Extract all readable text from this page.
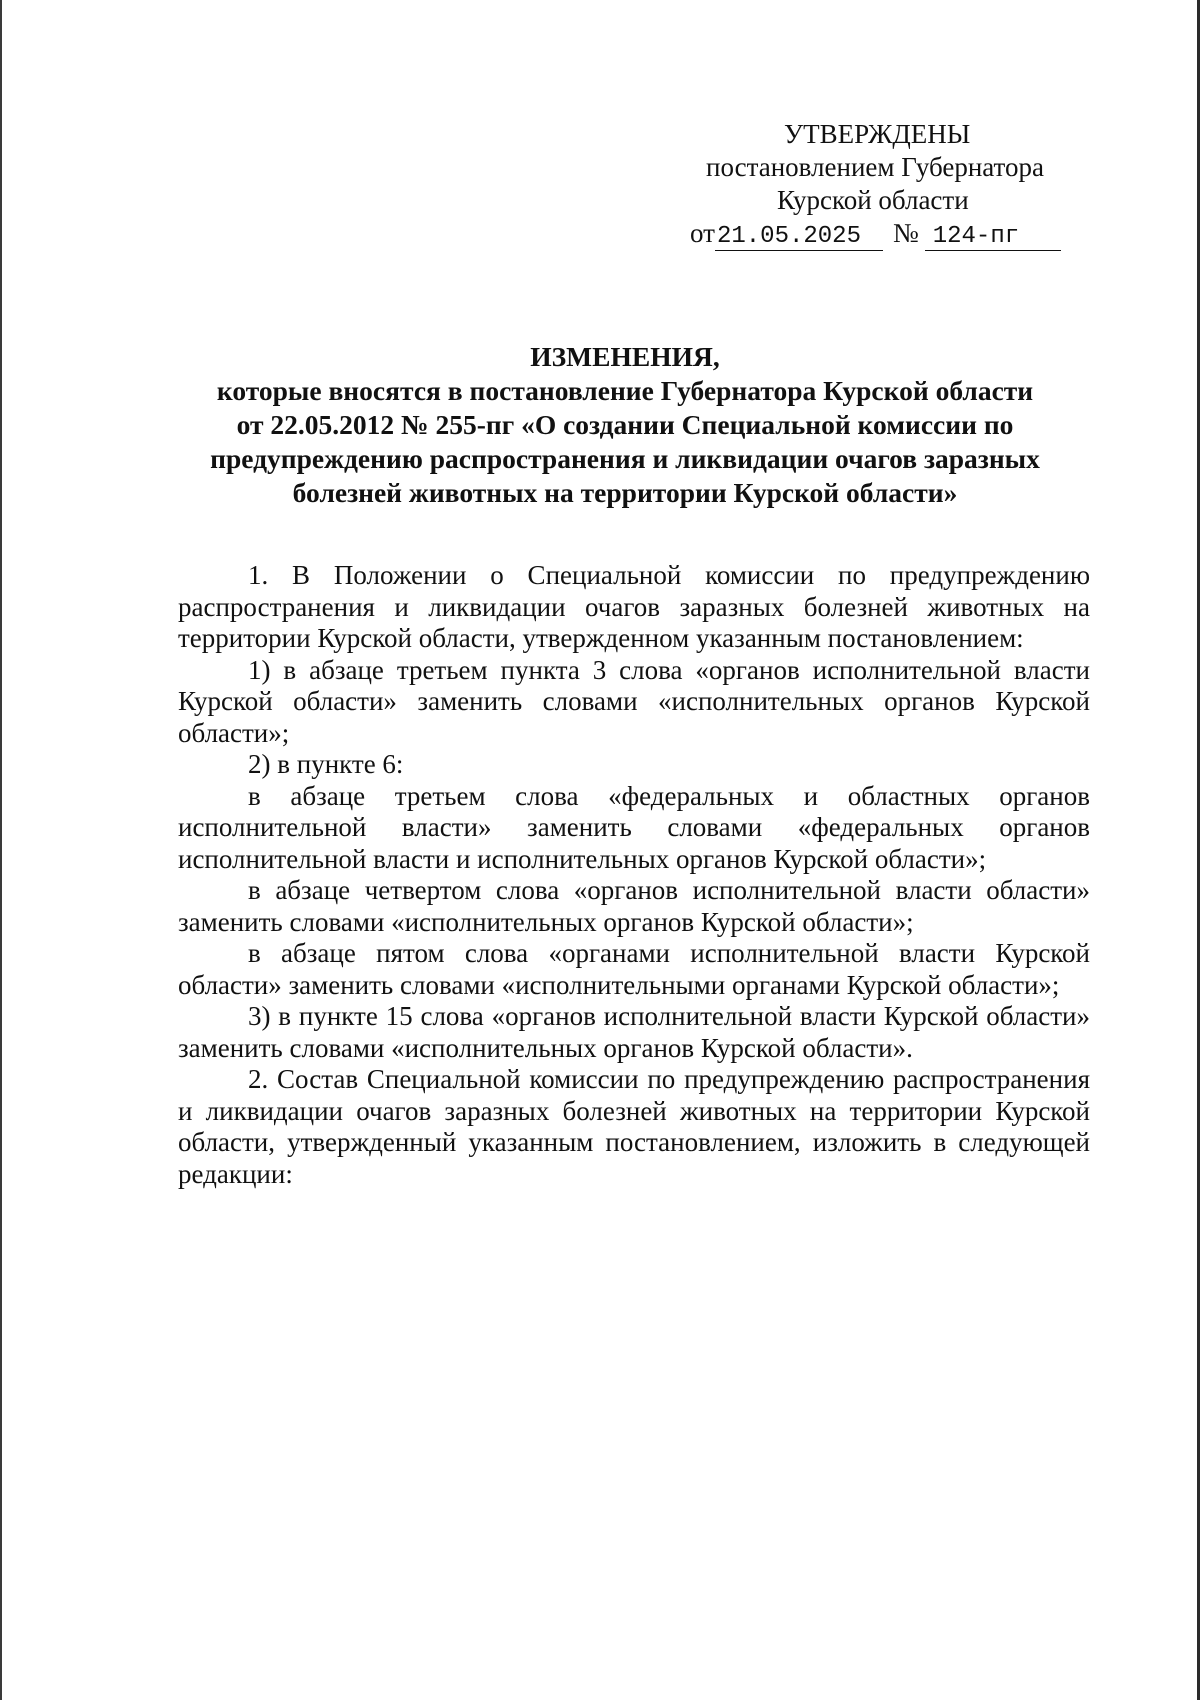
УТВЕРЖДЕНЫ
постановлением Губернатора
Курской области
от21.05.2025 № 124-пг
ИЗМЕНЕНИЯ,
которые вносятся в постановление Губернатора Курской области
от 22.05.2012 № 255-пг «О создании Специальной комиссии по
предупреждению распространения и ликвидации очагов заразных
болезней животных на территории Курской области»

1. В Положении о Специальной комиссии по предупреждению распространения и ликвидации очагов заразных болезней животных на территории Курской области, утвержденном указанным постановлением:

1) в абзаце третьем пункта 3 слова «органов исполнительной власти Курской области» заменить словами «исполнительных органов Курской области»;

2) в пункте 6:

в абзаце третьем слова «федеральных и областных органов исполнительной власти» заменить словами «федеральных органов исполнительной власти и исполнительных органов Курской области»;

в абзаце четвертом слова «органов исполнительной власти области» заменить словами «исполнительных органов Курской области»;

в абзаце пятом слова «органами исполнительной власти Курской области» заменить словами «исполнительными органами Курской области»;

3) в пункте 15 слова «органов исполнительной власти Курской области» заменить словами «исполнительных органов Курской области».

2. Состав Специальной комиссии по предупреждению распространения и ликвидации очагов заразных болезней животных на территории Курской области, утвержденный указанным постановлением, изложить в следующей редакции:
